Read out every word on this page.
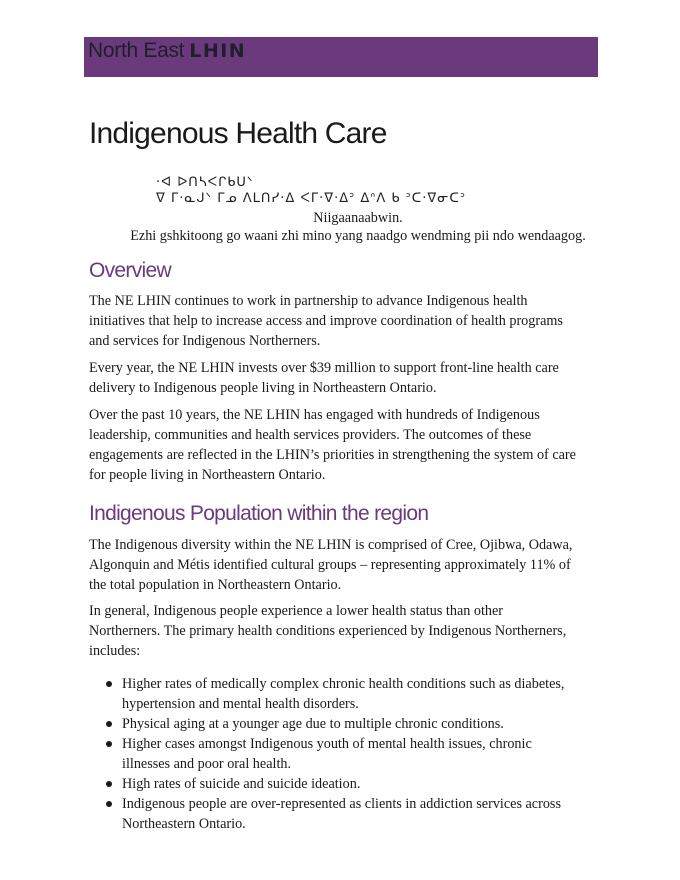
North East LHIN
Indigenous Health Care
·ᐊ ᐅᑎᓴᐸᒋᑲᑌᐠ
ᐁ ᒥ·ᓇᒍᐠ ᒥᓄ ᐱᒪᑎᓯ·ᐃ ᐸᒥ·ᐁ·ᐃᐣ ᐃᐢᐱ ᑲ ᐣᑕ·ᐁᓂᑕᐣ
Niigaanaabwin.
Ezhi gshkitoong go waani zhi mino yang naadgo wendming pii ndo wendaagog.
Overview

The NE LHIN continues to work in partnership to advance Indigenous health
initiatives that help to increase access and improve coordination of health programs
and services for Indigenous Northerners.

Every year, the NE LHIN invests over $39 million to support front-line health care
delivery to Indigenous people living in Northeastern Ontario.

Over the past 10 years, the NE LHIN has engaged with hundreds of Indigenous
leadership, communities and health services providers. The outcomes of these
engagements are reflected in the LHIN’s priorities in strengthening the system of care
for people living in Northeastern Ontario.

Indigenous Population within the region

The Indigenous diversity within the NE LHIN is comprised of Cree, Ojibwa, Odawa,
Algonquin and Métis identified cultural groups – representing approximately 11% of
the total population in Northeastern Ontario.

In general, Indigenous people experience a lower health status than other
Northerners. The primary health conditions experienced by Indigenous Northerners,
includes:

Higher rates of medically complex chronic health conditions such as diabetes,
hypertension and mental health disorders.
Physical aging at a younger age due to multiple chronic conditions.
Higher cases amongst Indigenous youth of mental health issues, chronic
illnesses and poor oral health.
High rates of suicide and suicide ideation.
Indigenous people are over-represented as clients in addiction services across
Northeastern Ontario.
